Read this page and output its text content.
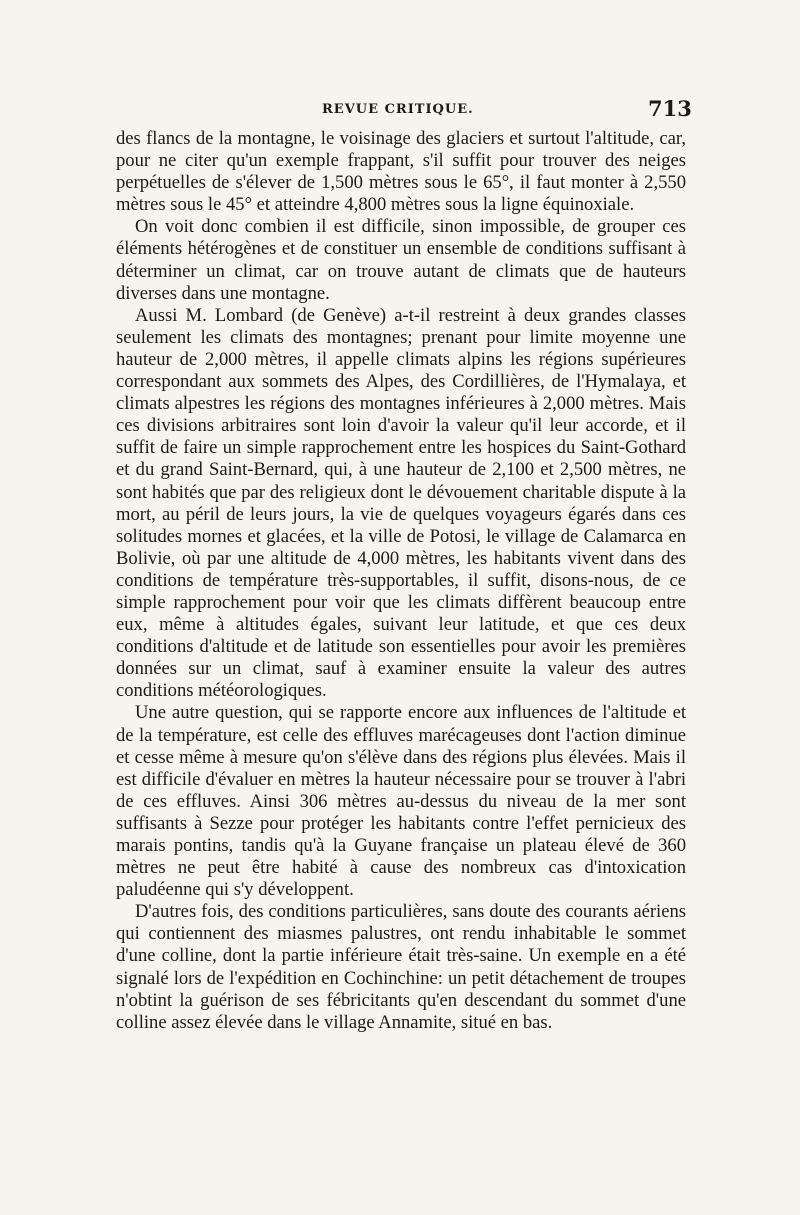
REVUE CRITIQUE.	713

des flancs de la montagne, le voisinage des glaciers et surtout l'altitude, car, pour ne citer qu'un exemple frappant, s'il suffit pour trouver des neiges perpétuelles de s'élever de 1,500 mètres sous le 65°, il faut monter à 2,550 mètres sous le 45° et atteindre 4,800 mètres sous la ligne équinoxiale.

On voit donc combien il est difficile, sinon impossible, de grouper ces éléments hétérogènes et de constituer un ensemble de conditions suffisant à déterminer un climat, car on trouve autant de climats que de hauteurs diverses dans une montagne.

Aussi M. Lombard (de Genève) a-t-il restreint à deux grandes classes seulement les climats des montagnes; prenant pour limite moyenne une hauteur de 2,000 mètres, il appelle climats alpins les régions supérieures correspondant aux sommets des Alpes, des Cordillières, de l'Hymalaya, et climats alpestres les régions des montagnes inférieures à 2,000 mètres. Mais ces divisions arbitraires sont loin d'avoir la valeur qu'il leur accorde, et il suffit de faire un simple rapprochement entre les hospices du Saint-Gothard et du grand Saint-Bernard, qui, à une hauteur de 2,100 et 2,500 mètres, ne sont habités que par des religieux dont le dévouement charitable dispute à la mort, au péril de leurs jours, la vie de quelques voyageurs égarés dans ces solitudes mornes et glacées, et la ville de Potosi, le village de Calamarca en Bolivie, où par une altitude de 4,000 mètres, les habitants vivent dans des conditions de température très-supportables, il suffit, disons-nous, de ce simple rapprochement pour voir que les climats diffèrent beaucoup entre eux, même à altitudes égales, suivant leur latitude, et que ces deux conditions d'altitude et de latitude son essentielles pour avoir les premières données sur un climat, sauf à examiner ensuite la valeur des autres conditions météorologiques.

Une autre question, qui se rapporte encore aux influences de l'altitude et de la température, est celle des effluves marécageuses dont l'action diminue et cesse même à mesure qu'on s'élève dans des régions plus élevées. Mais il est difficile d'évaluer en mètres la hauteur nécessaire pour se trouver à l'abri de ces effluves. Ainsi 306 mètres au-dessus du niveau de la mer sont suffisants à Sezze pour protéger les habitants contre l'effet pernicieux des marais pontins, tandis qu'à la Guyane française un plateau élevé de 360 mètres ne peut être habité à cause des nombreux cas d'intoxication paludéenne qui s'y développent.

D'autres fois, des conditions particulières, sans doute des courants aériens qui contiennent des miasmes palustres, ont rendu inhabitable le sommet d'une colline, dont la partie inférieure était très-saine. Un exemple en a été signalé lors de l'expédition en Cochinchine: un petit détachement de troupes n'obtint la guérison de ses fébricitants qu'en descendant du sommet d'une colline assez élevée dans le village Annamite, situé en bas.
